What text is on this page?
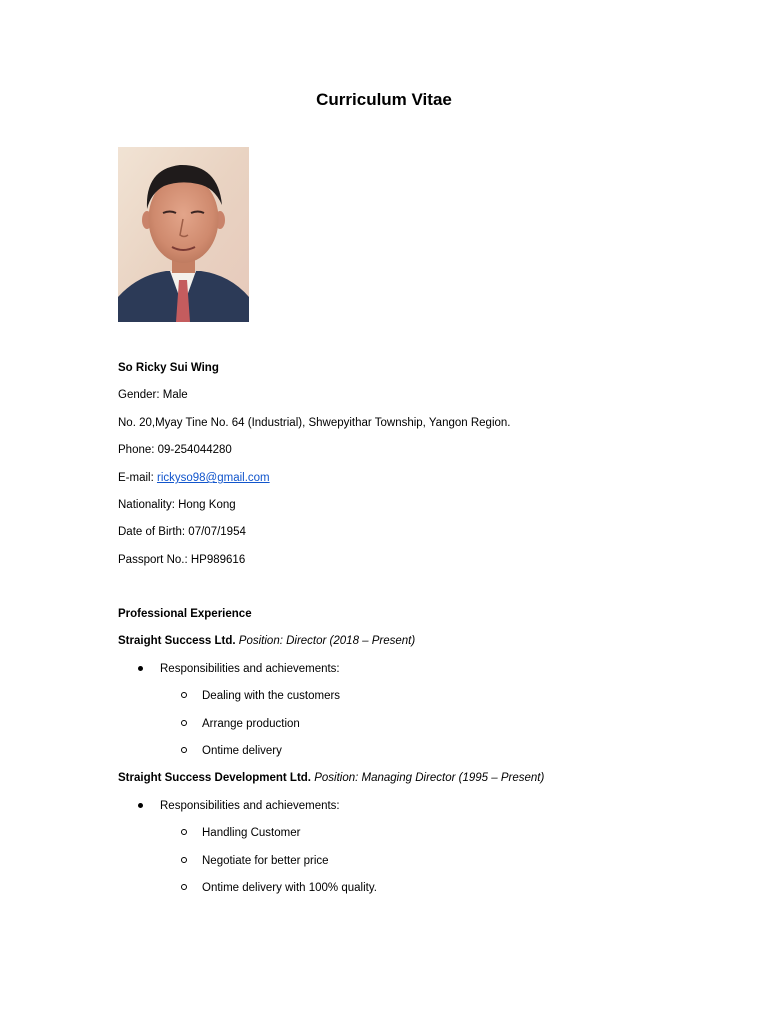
Curriculum Vitae
So Ricky Sui Wing
Gender: Male
No. 20,Myay Tine No. 64 (Industrial), Shwepyithar Township, Yangon Region.
Phone: 09-254044280
E-mail: rickyso98@gmail.com
Nationality: Hong Kong
Date of Birth: 07/07/1954
Passport No.: HP989616
Professional Experience
Straight Success Ltd. Position: Director (2018 – Present)
Responsibilities and achievements:
Dealing with the customers
Arrange production
Ontime delivery
Straight Success Development Ltd. Position: Managing Director (1995 – Present)
Responsibilities and achievements:
Handling Customer
Negotiate for better price
Ontime delivery with 100% quality.
